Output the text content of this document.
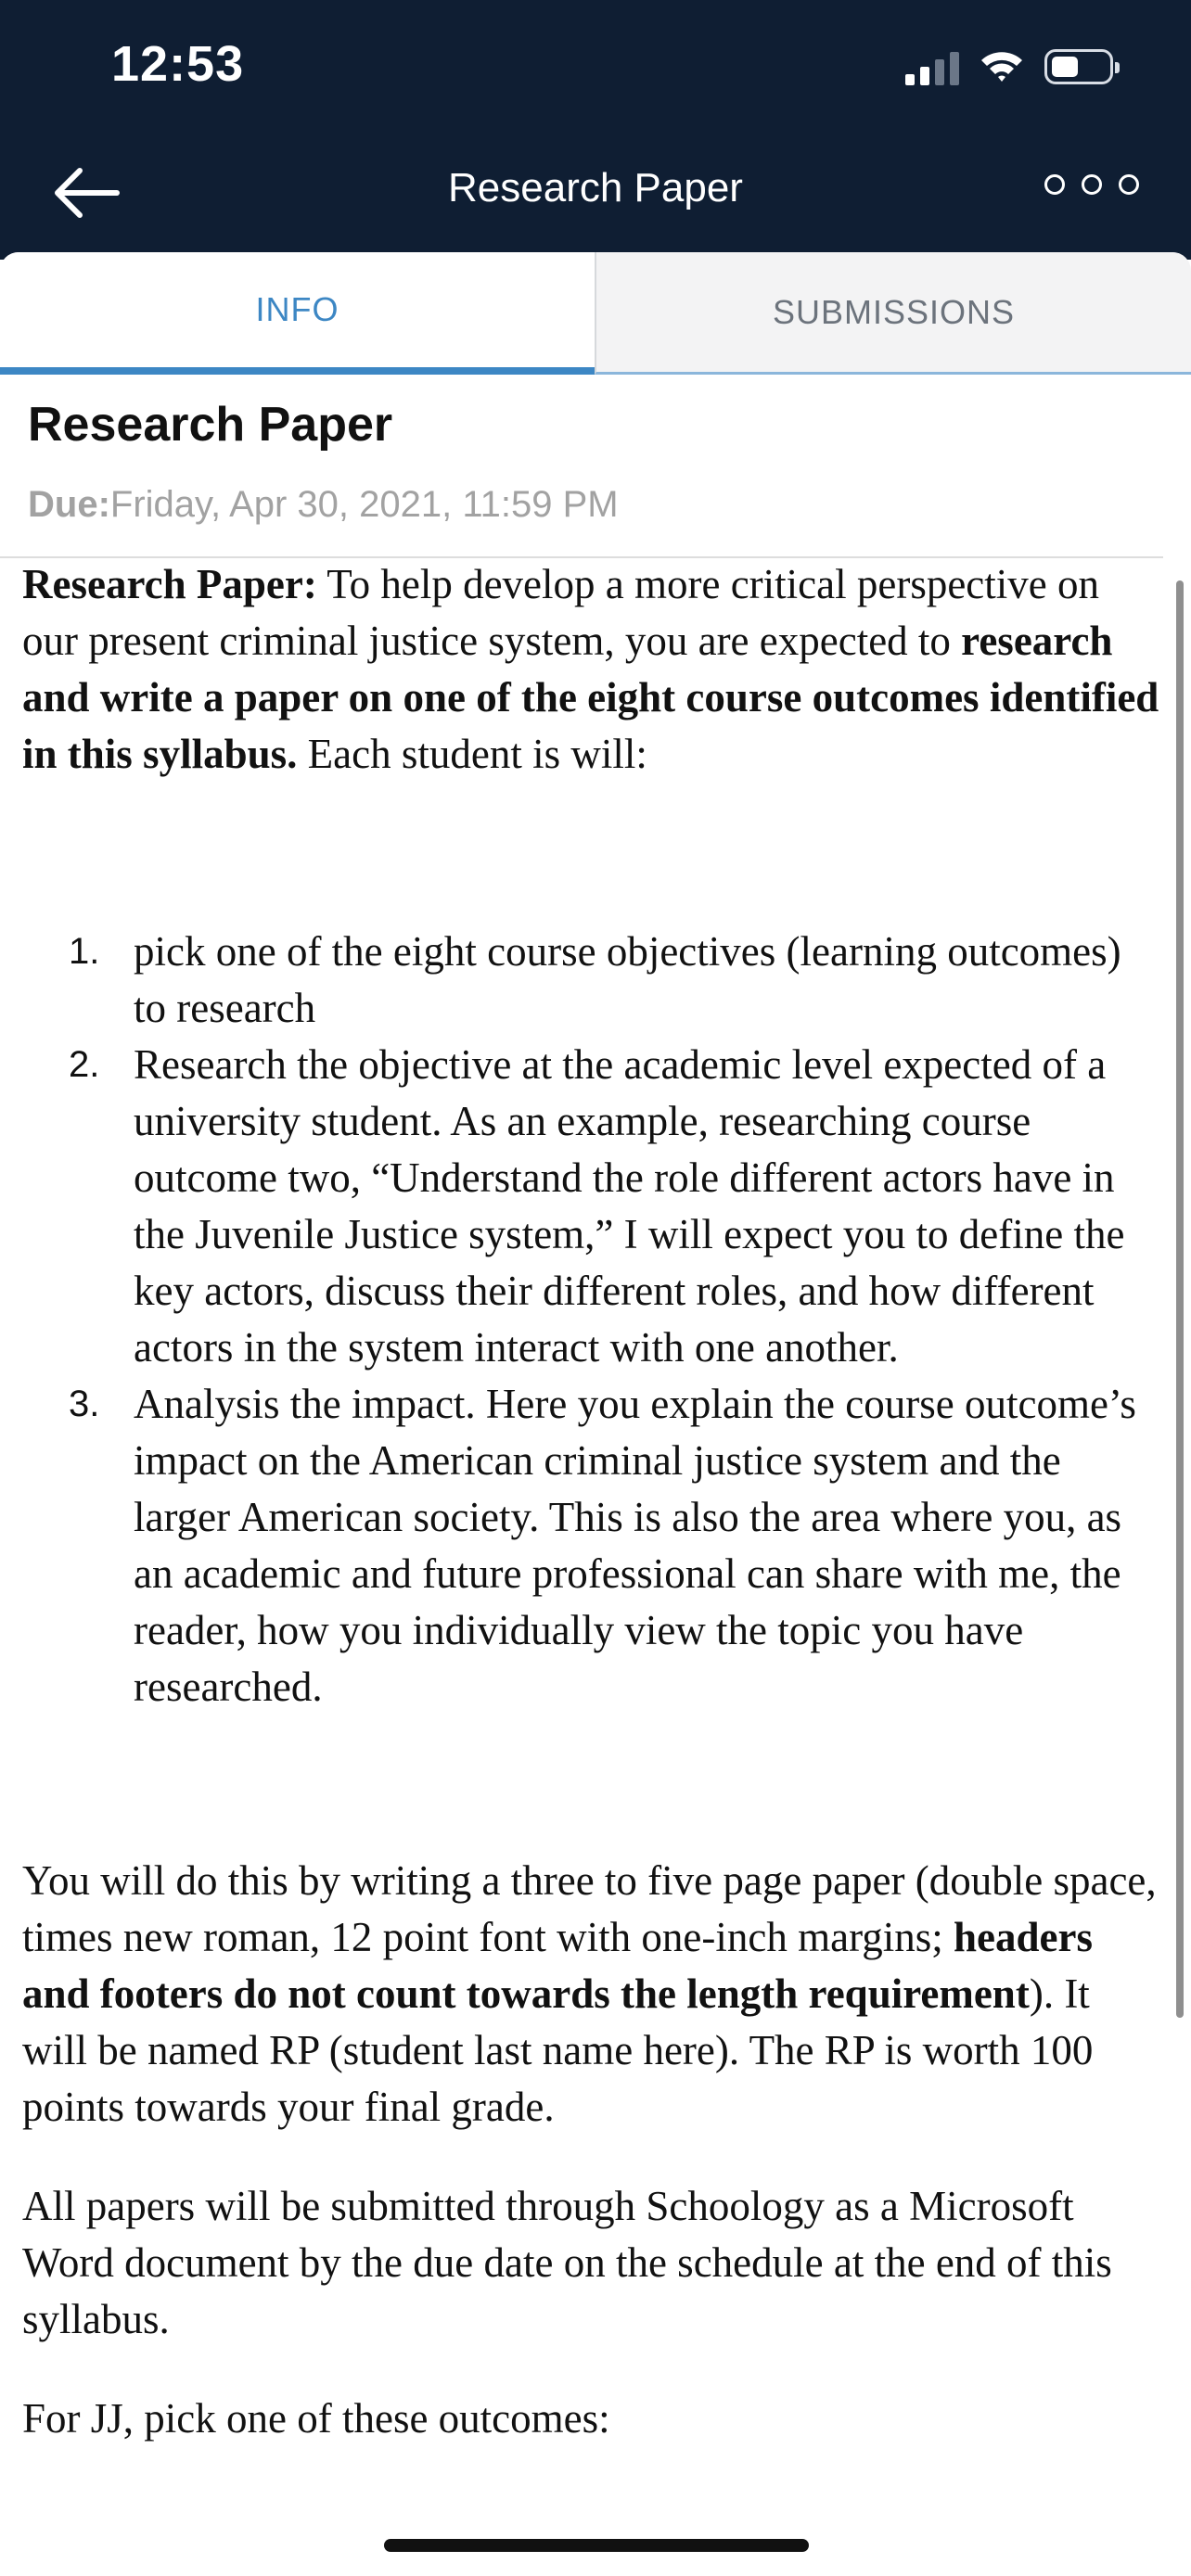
12:53
Research Paper
INFO	SUBMISSIONS
Research Paper
Due:Friday, Apr 30, 2021, 11:59 PM

Research Paper: To help develop a more critical perspective on our present criminal justice system, you are expected to research and write a paper on one of the eight course outcomes identified in this syllabus. Each student is will:

1. pick one of the eight course objectives (learning outcomes) to research
2. Research the objective at the academic level expected of a university student. As an example, researching course outcome two, “Understand the role different actors have in the Juvenile Justice system,” I will expect you to define the key actors, discuss their different roles, and how different actors in the system interact with one another.
3. Analysis the impact. Here you explain the course outcome’s impact on the American criminal justice system and the larger American society. This is also the area where you, as an academic and future professional can share with me, the reader, how you individually view the topic you have researched.

You will do this by writing a three to five page paper (double space, times new roman, 12 point font with one-inch margins; headers and footers do not count towards the length requirement). It will be named RP (student last name here). The RP is worth 100 points towards your final grade.

All papers will be submitted through Schoology as a Microsoft Word document by the due date on the schedule at the end of this syllabus.

For JJ, pick one of these outcomes:
